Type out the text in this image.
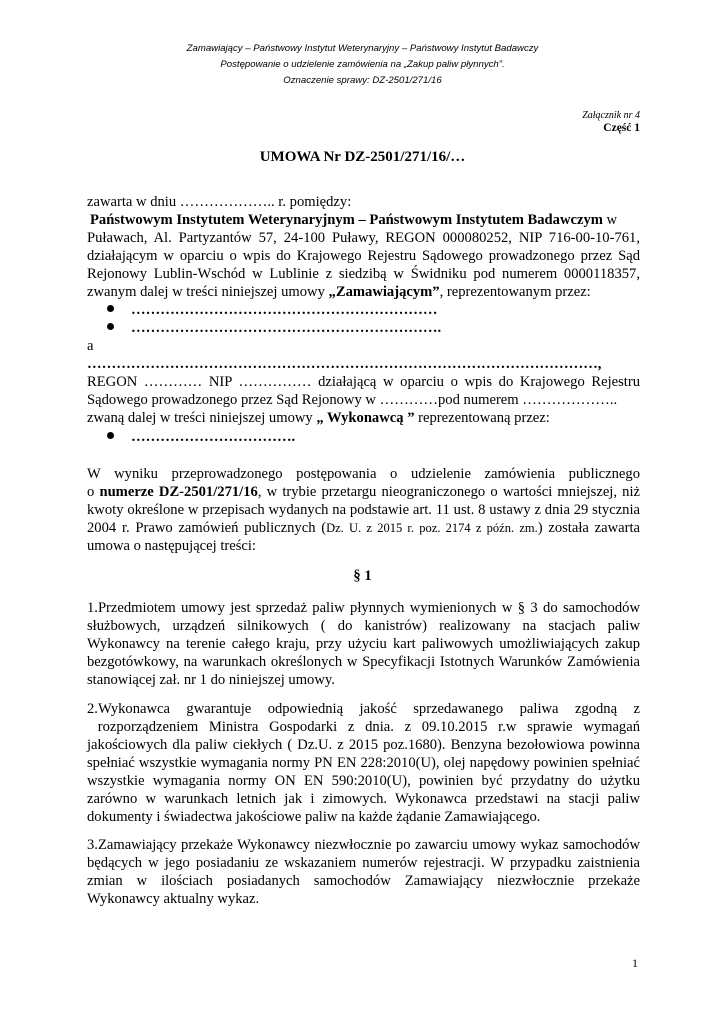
Zamawiający – Państwowy Instytut Weterynaryjny – Państwowy Instytut Badawczy
Postępowanie o udzielenie zamówienia na „Zakup paliw płynnych”.
Oznaczenie sprawy: DZ-2501/271/16
Załącznik nr 4
Część 1
UMOWA Nr DZ-2501/271/16/…
zawarta w dniu ……………….. r. pomiędzy:
Państwowym Instytutem Weterynaryjnym – Państwowym Instytutem Badawczym w
Puławach, Al. Partyzantów 57, 24-100 Puławy, REGON 000080252, NIP 716-00-10-761,
działającym w oparciu o wpis do Krajowego Rejestru Sądowego prowadzonego przez Sąd
Rejonowy Lublin-Wschód w Lublinie z siedzibą w Świdniku pod numerem 0000118357,
zwanym dalej w treści niniejszej umowy „Zamawiającym”, reprezentowanym przez:
………………………………………………………
……………………………………………………….
a
……………………………………………………………………………………………,
REGON ………… NIP …………… działającą w oparciu o wpis do Krajowego Rejestru
Sądowego prowadzonego przez Sąd Rejonowy w …………pod numerem ………………..
zwaną dalej w treści niniejszej umowy „ Wykonawcą ” reprezentowaną przez:
…………………………….
W wyniku przeprowadzonego postępowania o udzielenie zamówienia publicznego
o numerze DZ-2501/271/16, w trybie przetargu nieograniczonego o wartości mniejszej, niż
kwoty określone w przepisach wydanych na podstawie art. 11 ust. 8 ustawy z dnia 29 stycznia
2004 r. Prawo zamówień publicznych (Dz. U. z 2015 r. poz. 2174 z późn. zm.) została zawarta
umowa o następującej treści:
§ 1
1.Przedmiotem umowy jest sprzedaż paliw płynnych wymienionych w § 3 do samochodów
służbowych, urządzeń silnikowych ( do kanistrów) realizowany na stacjach paliw
Wykonawcy na terenie całego kraju, przy użyciu kart paliwowych umożliwiających zakup
bezgotówkowy, na warunkach określonych w Specyfikacji Istotnych Warunków Zamówienia
stanowiącej zał. nr 1 do niniejszej umowy.
2.Wykonawca gwarantuje odpowiednią jakość sprzedawanego paliwa zgodną z
rozporządzeniem Ministra Gospodarki z dnia. z 09.10.2015 r.w sprawie wymagań
jakościowych dla paliw ciekłych ( Dz.U. z 2015 poz.1680). Benzyna bezołowiowa powinna
spełniać wszystkie wymagania normy PN EN 228:2010(U), olej napędowy powinien spełniać
wszystkie wymagania normy ON EN 590:2010(U), powinien być przydatny do użytku
zarówno w warunkach letnich jak i zimowych. Wykonawca przedstawi na stacji paliw
dokumenty i świadectwa jakościowe paliw na każde żądanie Zamawiającego.
3.Zamawiający przekaże Wykonawcy niezwłocznie po zawarciu umowy wykaz samochodów
będących w jego posiadaniu ze wskazaniem numerów rejestracji. W przypadku zaistnienia
zmian w ilościach posiadanych samochodów Zamawiający niezwłocznie przekaże
Wykonawcy aktualny wykaz.
1
